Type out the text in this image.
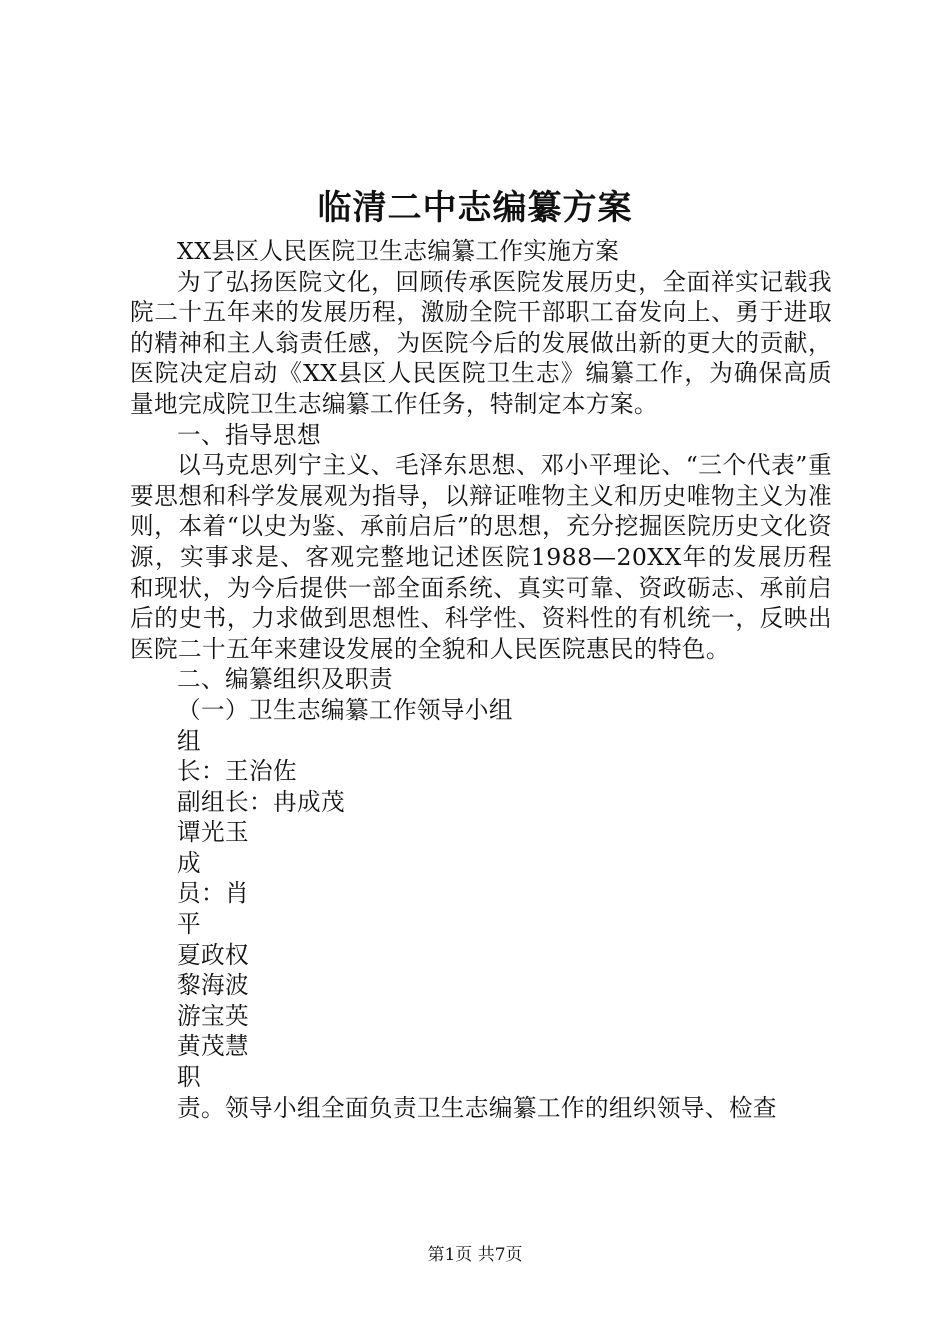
临清二中志编纂方案

XX县区人民医院卫生志编纂工作实施方案

为了弘扬医院文化，回顾传承医院发展历史，全面祥实记载我院二十五年来的发展历程，激励全院干部职工奋发向上、勇于进取的精神和主人翁责任感，为医院今后的发展做出新的更大的贡献，医院决定启动《XX县区人民医院卫生志》编纂工作，为确保高质量地完成院卫生志编纂工作任务，特制定本方案。

一、指导思想

以马克思列宁主义、毛泽东思想、邓小平理论、“三个代表”重要思想和科学发展观为指导，以辩证唯物主义和历史唯物主义为准则，本着“以史为鉴、承前启后”的思想，充分挖掘医院历史文化资源，实事求是、客观完整地记述医院1988—20XX年的发展历程和现状，为今后提供一部全面系统、真实可靠、资政砺志、承前启后的史书，力求做到思想性、科学性、资料性的有机统一，反映出医院二十五年来建设发展的全貌和人民医院惠民的特色。

二、编纂组织及职责

（一）卫生志编纂工作领导小组

组

长：王治佐

副组长：冉成茂

谭光玉

成

员：肖

平

夏政权

黎海波

游宝英

黄茂慧

职

责。领导小组全面负责卫生志编纂工作的组织领导、检查

第1页 共7页
